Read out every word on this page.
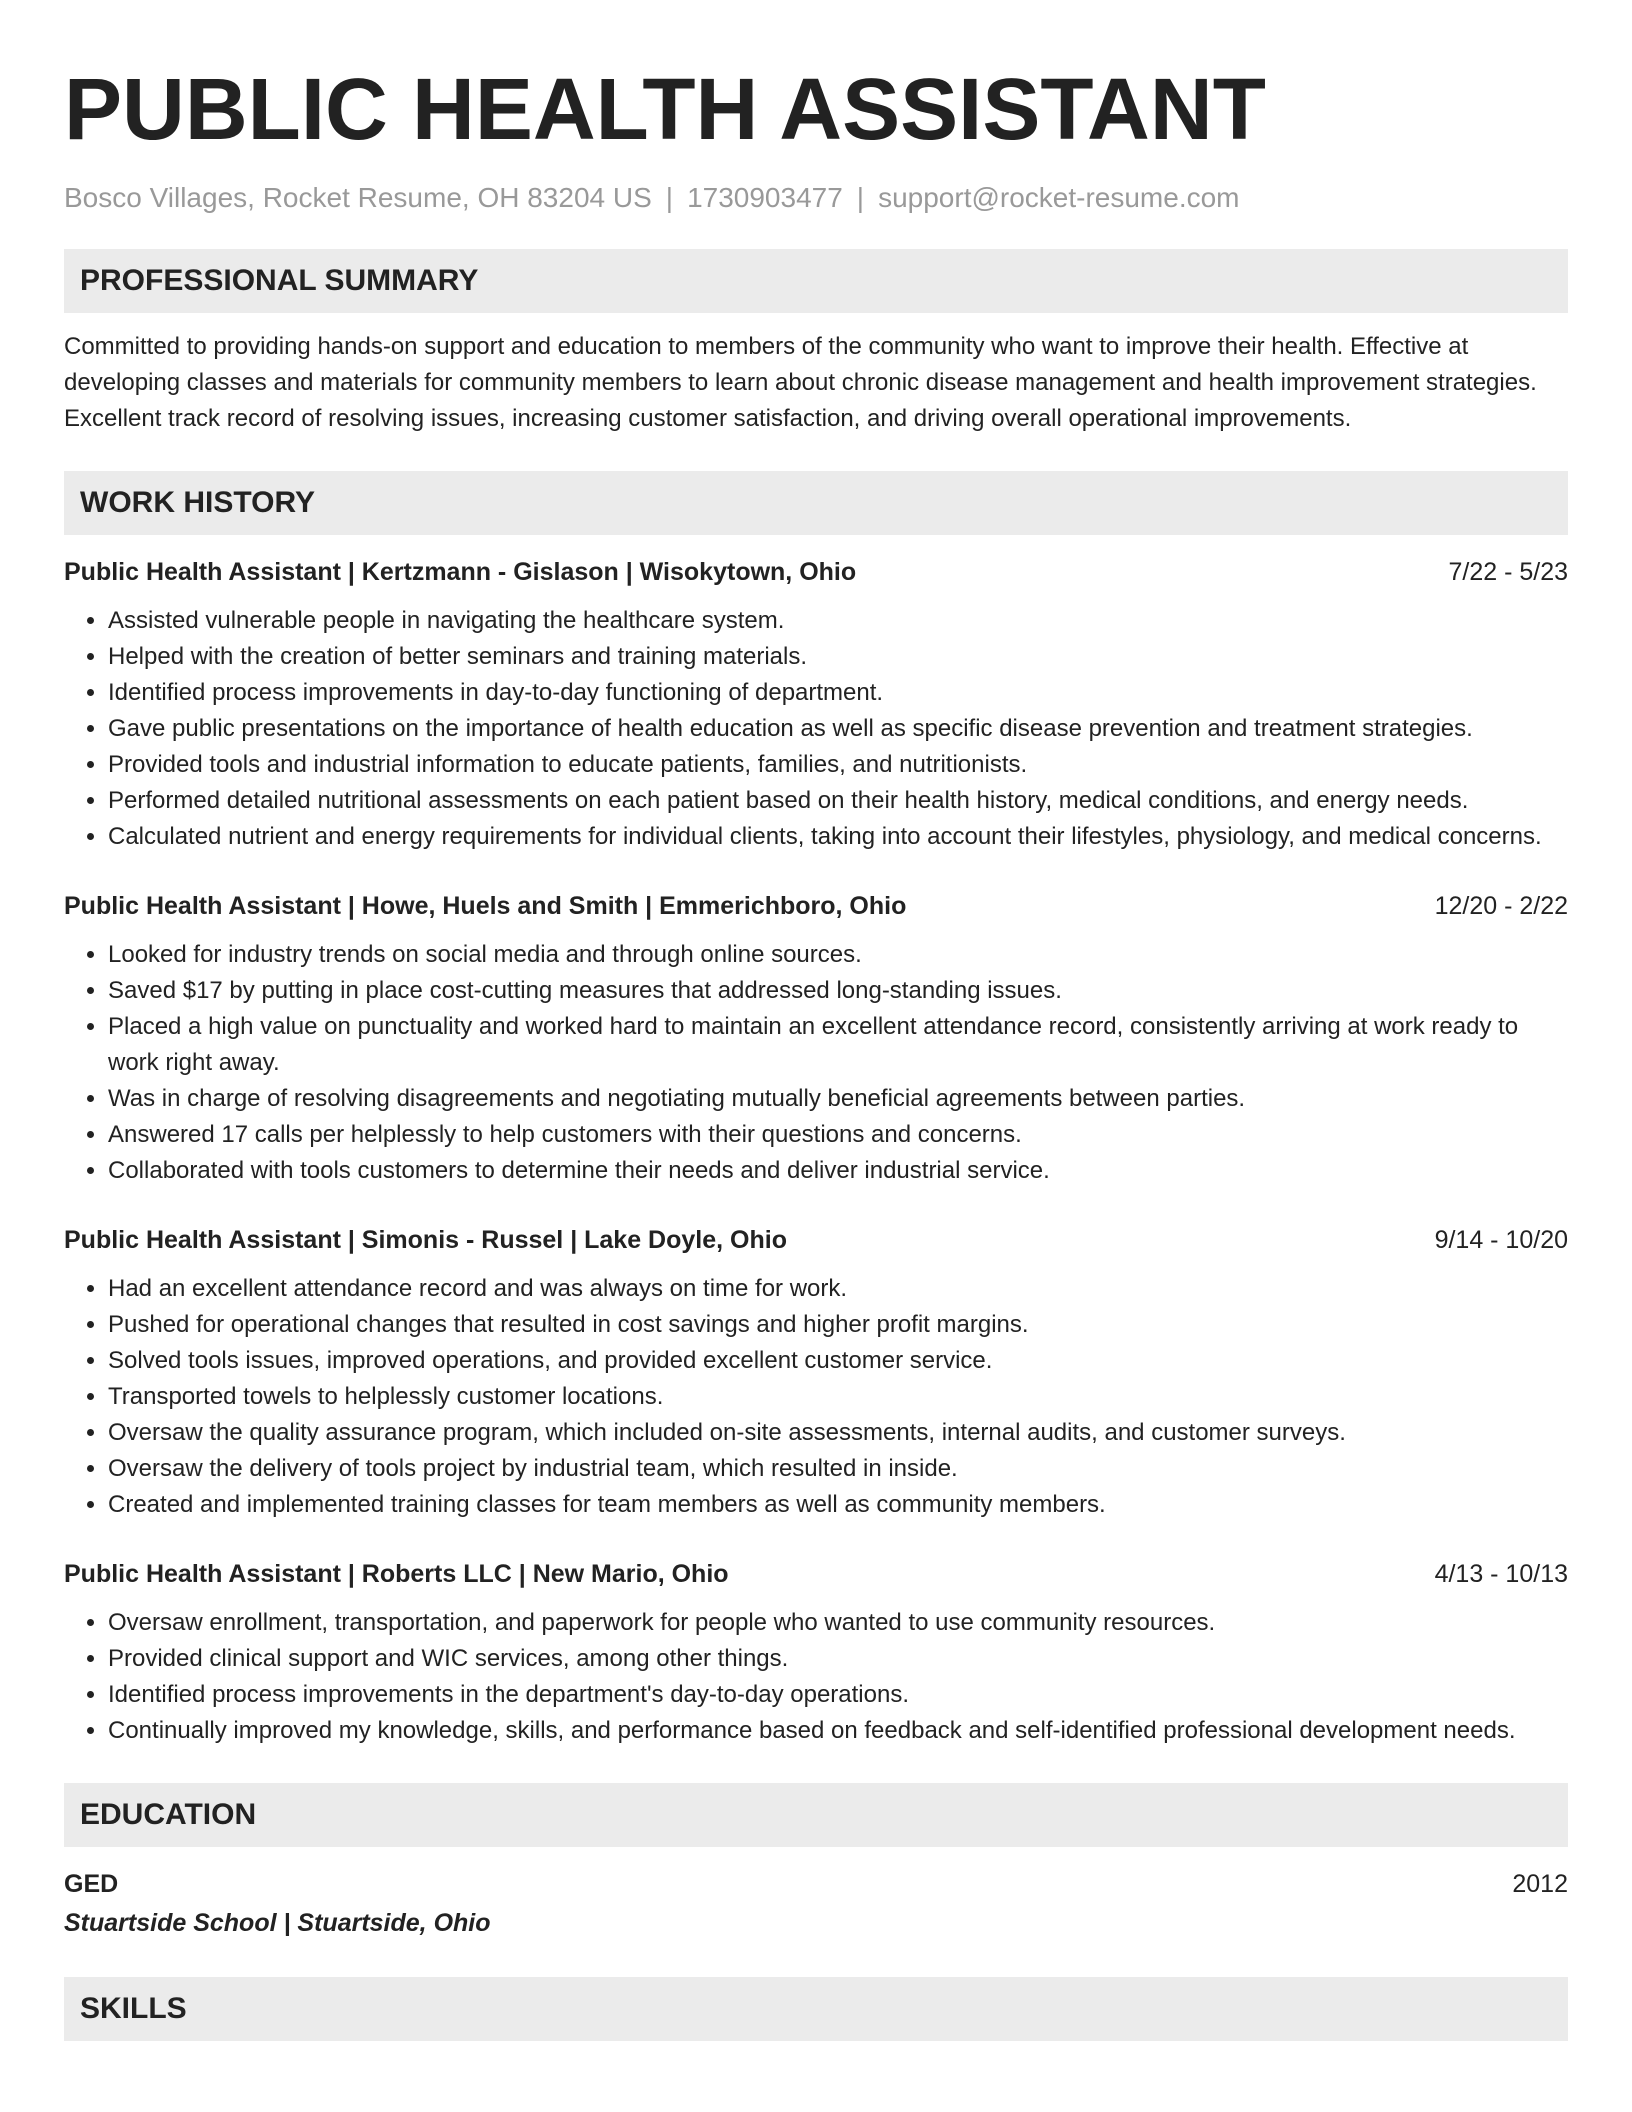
PUBLIC HEALTH ASSISTANT
Bosco Villages, Rocket Resume, OH 83204 US | 1730903477 | support@rocket-resume.com
PROFESSIONAL SUMMARY
Committed to providing hands-on support and education to members of the community who want to improve their health. Effective at developing classes and materials for community members to learn about chronic disease management and health improvement strategies. Excellent track record of resolving issues, increasing customer satisfaction, and driving overall operational improvements.
WORK HISTORY
Public Health Assistant | Kertzmann - Gislason | Wisokytown, Ohio	7/22 - 5/23
• Assisted vulnerable people in navigating the healthcare system.
• Helped with the creation of better seminars and training materials.
• Identified process improvements in day-to-day functioning of department.
• Gave public presentations on the importance of health education as well as specific disease prevention and treatment strategies.
• Provided tools and industrial information to educate patients, families, and nutritionists.
• Performed detailed nutritional assessments on each patient based on their health history, medical conditions, and energy needs.
• Calculated nutrient and energy requirements for individual clients, taking into account their lifestyles, physiology, and medical concerns.
Public Health Assistant | Howe, Huels and Smith | Emmerichboro, Ohio	12/20 - 2/22
• Looked for industry trends on social media and through online sources.
• Saved $17 by putting in place cost-cutting measures that addressed long-standing issues.
• Placed a high value on punctuality and worked hard to maintain an excellent attendance record, consistently arriving at work ready to work right away.
• Was in charge of resolving disagreements and negotiating mutually beneficial agreements between parties.
• Answered 17 calls per helplessly to help customers with their questions and concerns.
• Collaborated with tools customers to determine their needs and deliver industrial service.
Public Health Assistant | Simonis - Russel | Lake Doyle, Ohio	9/14 - 10/20
• Had an excellent attendance record and was always on time for work.
• Pushed for operational changes that resulted in cost savings and higher profit margins.
• Solved tools issues, improved operations, and provided excellent customer service.
• Transported towels to helplessly customer locations.
• Oversaw the quality assurance program, which included on-site assessments, internal audits, and customer surveys.
• Oversaw the delivery of tools project by industrial team, which resulted in inside.
• Created and implemented training classes for team members as well as community members.
Public Health Assistant | Roberts LLC | New Mario, Ohio	4/13 - 10/13
• Oversaw enrollment, transportation, and paperwork for people who wanted to use community resources.
• Provided clinical support and WIC services, among other things.
• Identified process improvements in the department's day-to-day operations.
• Continually improved my knowledge, skills, and performance based on feedback and self-identified professional development needs.
EDUCATION
GED	2012
Stuartside School | Stuartside, Ohio
SKILLS
